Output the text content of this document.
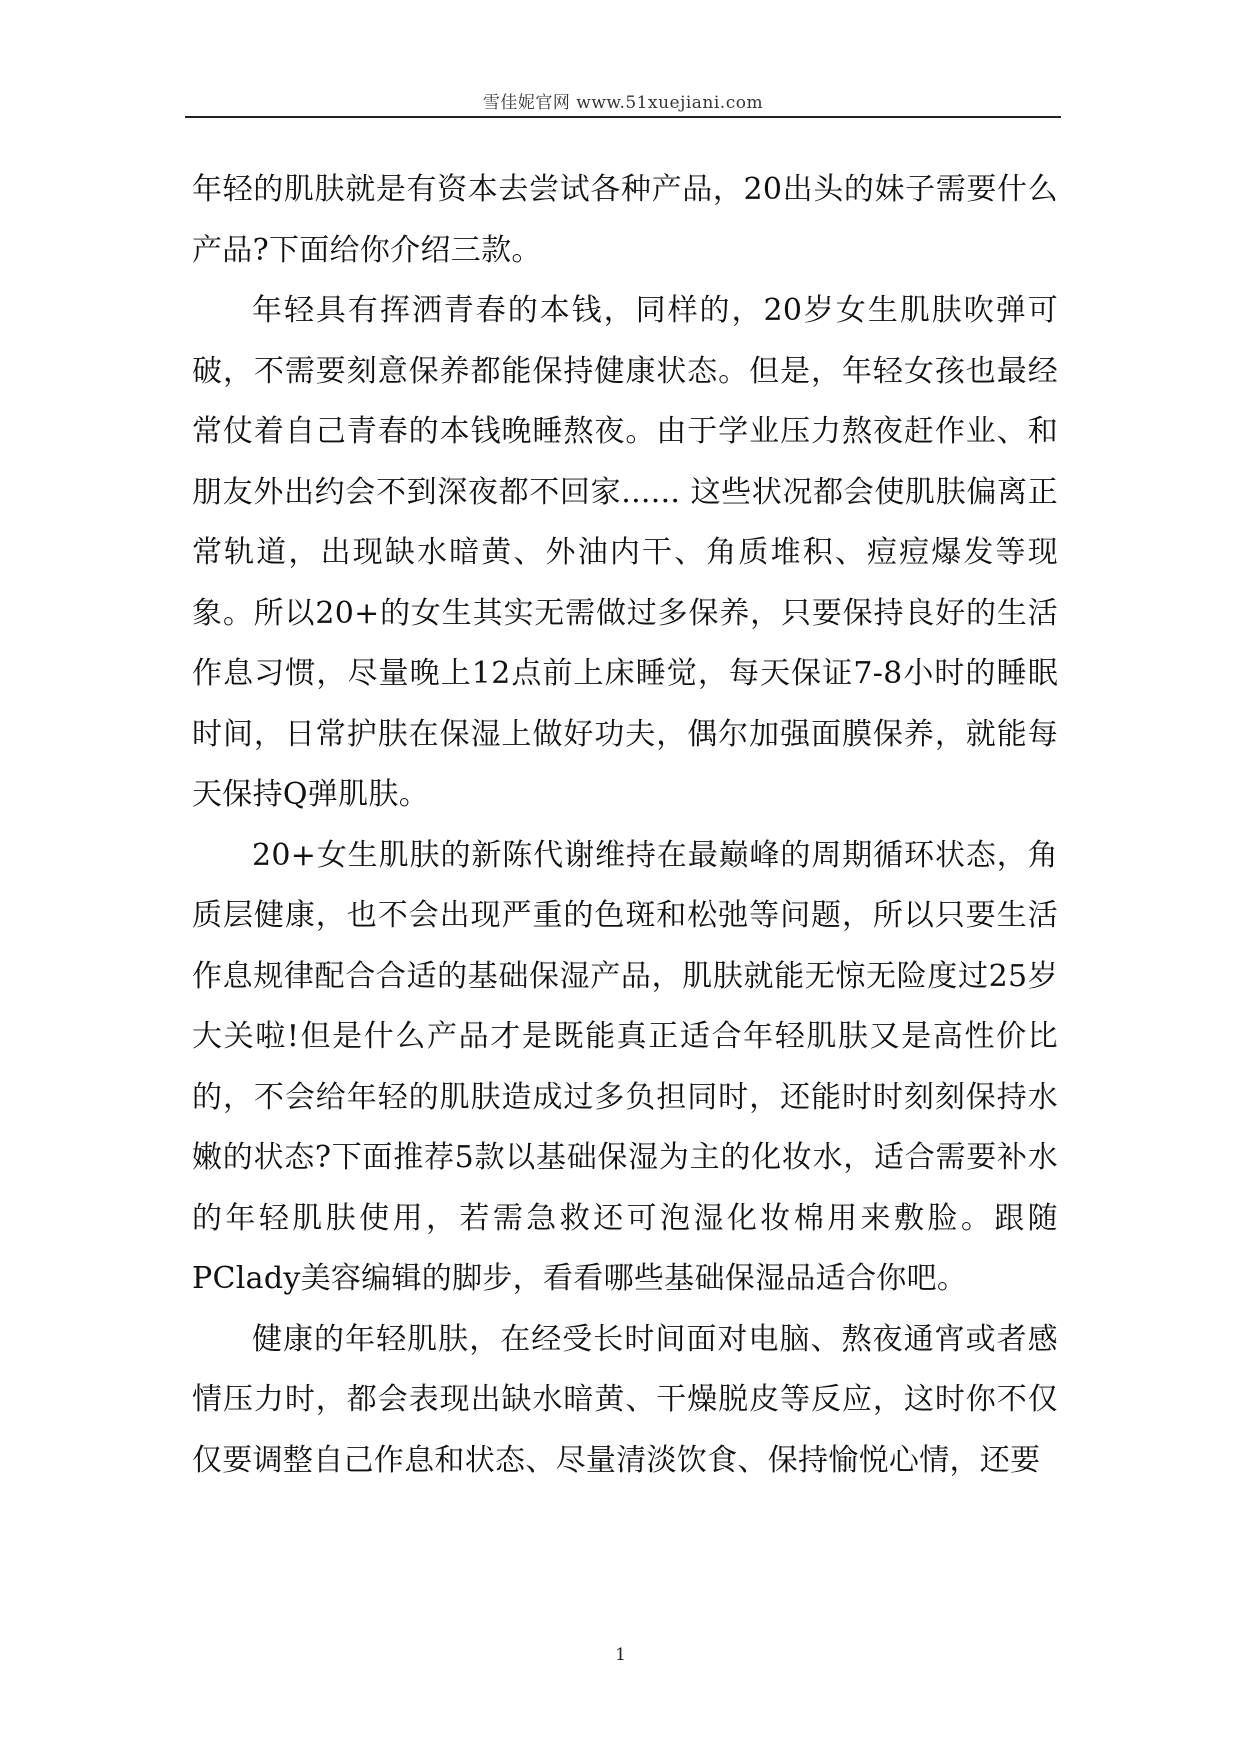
雪佳妮官网 www.51xuejiani.com

年轻的肌肤就是有资本去尝试各种产品，20出头的妹子需要什么产品?下面给你介绍三款。

年轻具有挥洒青春的本钱，同样的，20岁女生肌肤吹弹可破，不需要刻意保养都能保持健康状态。但是，年轻女孩也最经常仗着自己青春的本钱晚睡熬夜。由于学业压力熬夜赶作业、和朋友外出约会不到深夜都不回家...... 这些状况都会使肌肤偏离正常轨道，出现缺水暗黄、外油内干、角质堆积、痘痘爆发等现象。所以20+的女生其实无需做过多保养，只要保持良好的生活作息习惯，尽量晚上12点前上床睡觉，每天保证7-8小时的睡眠时间，日常护肤在保湿上做好功夫，偶尔加强面膜保养，就能每天保持Q弹肌肤。

20+女生肌肤的新陈代谢维持在最巅峰的周期循环状态，角质层健康，也不会出现严重的色斑和松弛等问题，所以只要生活作息规律配合合适的基础保湿产品，肌肤就能无惊无险度过25岁大关啦!但是什么产品才是既能真正适合年轻肌肤又是高性价比的，不会给年轻的肌肤造成过多负担同时，还能时时刻刻保持水嫩的状态?下面推荐5款以基础保湿为主的化妆水，适合需要补水的年轻肌肤使用，若需急救还可泡湿化妆棉用来敷脸。跟随PClady美容编辑的脚步，看看哪些基础保湿品适合你吧。

健康的年轻肌肤，在经受长时间面对电脑、熬夜通宵或者感情压力时，都会表现出缺水暗黄、干燥脱皮等反应，这时你不仅仅要调整自己作息和状态、尽量清淡饮食、保持愉悦心情，还要

1
